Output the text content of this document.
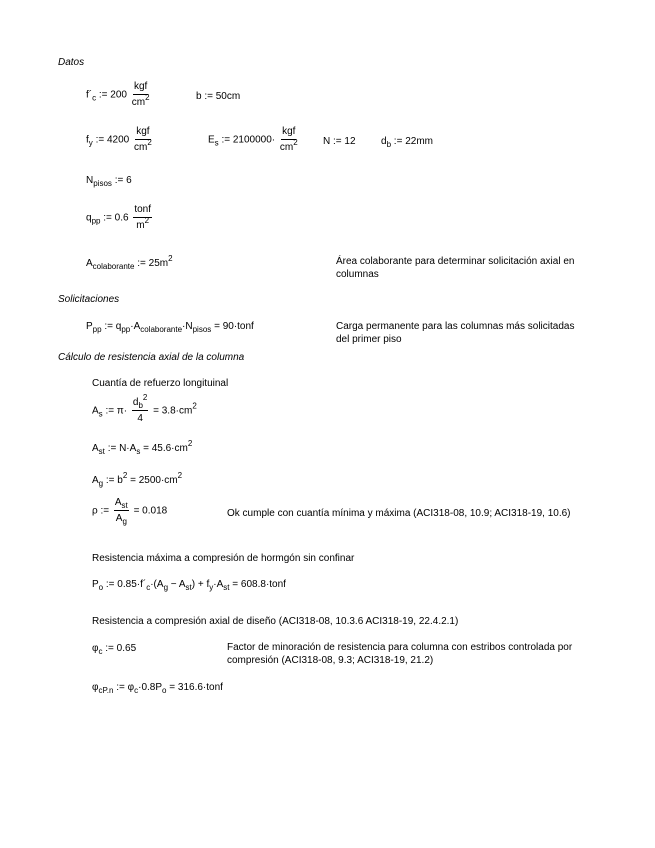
Datos
Solicitaciones
Cálculo de resistencia axial de la columna
$f´_c$ := $200 \frac{\text{kgf}}{cm^2}$	b := 50cm
$f_y$ := $4200 \frac{\text{kgf}}{cm^2}$	$E_s$ := $2100000\cdot \frac{\text{kgf}}{cm^2}$	N := 12	$d_b$ := 22mm
$N_{pisos}$ := 6
$q_{pp}$ := $0.6 \frac{\text{tonf}}{m^2}$
$A_{colaborante}$ := $25m^2$	Área colaborante para determinar solicitación axial en columnas
$P_{pp}$ := $q_{pp}\cdot A_{colaborante}\cdot N_{pisos}$ = 90·tonf	Carga permanente para las columnas más solicitadas del primer piso
Cuantía de refuerzo longituinal
$A_s$ := $\pi\cdot \frac{d_b^2}{4} = 3.8\cdot cm^2$
$A_{st}$ := $N\cdot A_s = 45.6\cdot cm^2$
$A_g$ := $b^2 = 2500\cdot cm^2$
ρ := $\frac{A_{st}}{A_g} = 0.018$	Ok cumple con cuantía mínima y máxima (ACI318-08, 10.9; ACI318-19, 10.6)
Resistencia máxima a compresión de hormgón sin confinar
$P_o$ := $0.85\cdot f´_c\cdot(A_g - A_{st}) + f_y\cdot A_{st}$ = 608.8·tonf
Resistencia a compresión axial de diseño (ACI318-08, 10.3.6 ACI318-19, 22.4.2.1)
$\varphi_c$ := 0.65	Factor de minoración de resistencia para columna con estribos controlada por compresión (ACI318-08, 9.3; ACI318-19, 21.2)
$\varphi_{cP.n}$ := $\varphi_c\cdot 0.8P_o$ = 316.6·tonf
